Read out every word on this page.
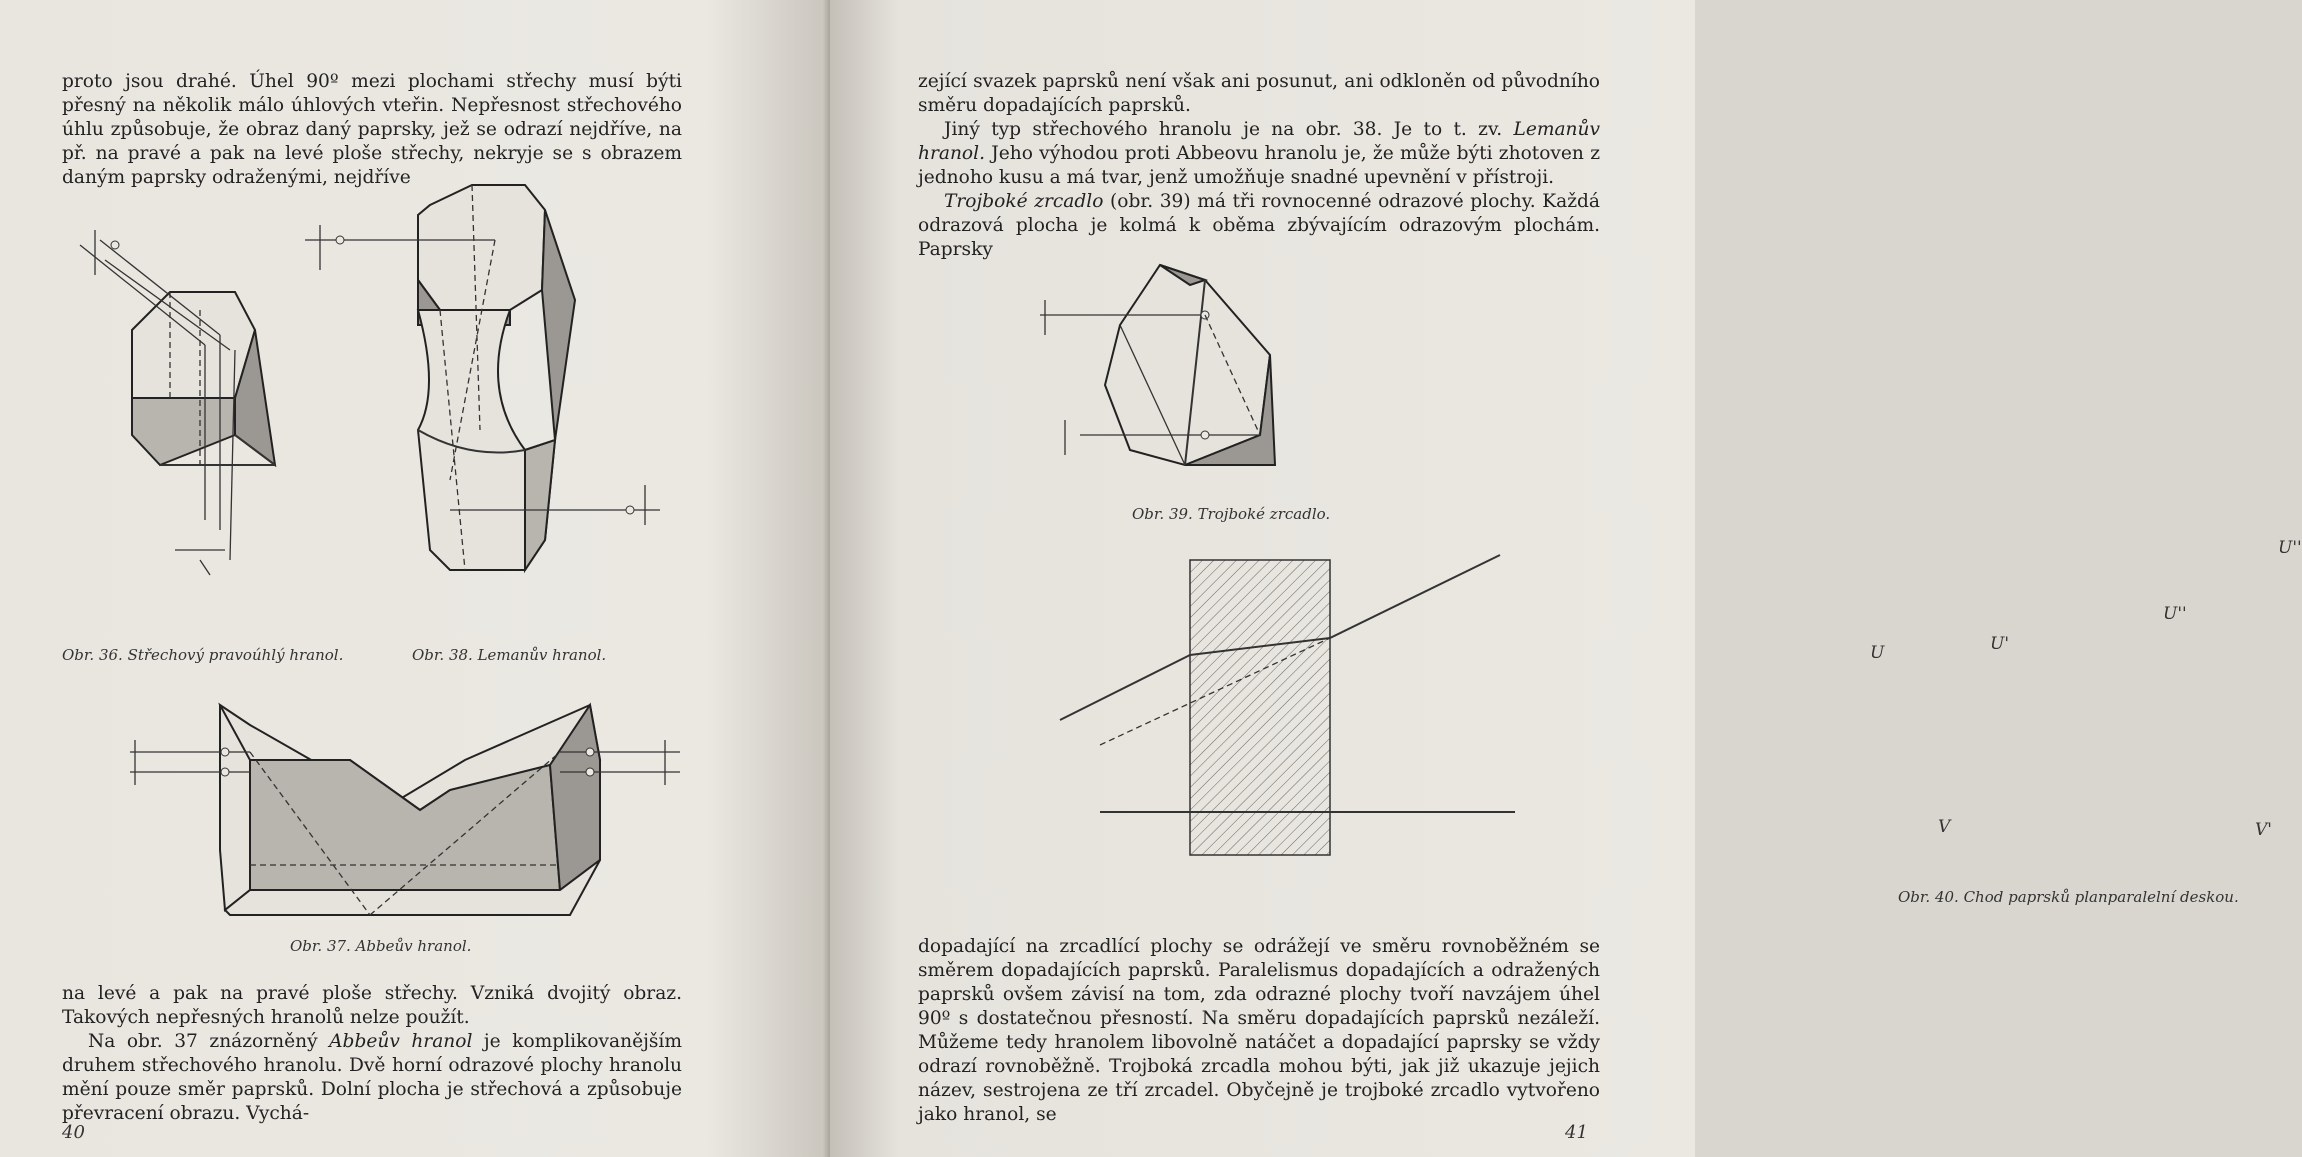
proto jsou drahé. Úhel 90º mezi plochami střechy musí býti přesný na několik málo úhlových vteřin. Nepřesnost střechového úhlu způsobuje, že obraz daný paprsky, jež se odrazí nejdříve, na př. na pravé a pak na levé ploše střechy, nekryje se s obrazem daným paprsky odraženými, nejdříve

Obr. 36. Střechový pravoúhlý hranol.	Obr. 38. Lemanův hranol.
Obr. 37. Abbeův hranol.

na levé a pak na pravé ploše střechy. Vzniká dvojitý obraz. Takových nepřesných hranolů nelze použít.

Na obr. 37 znázorněný Abbeův hranol je komplikovanějším druhem střechového hranolu. Dvě horní odrazové plochy hranolu mění pouze směr paprsků. Dolní plocha je střechová a způsobuje převracení obrazu. Vychá-

40

zející svazek paprsků není však ani posunut, ani odkloněn od původního směru dopadajících paprsků.

Jiný typ střechového hranolu je na obr. 38. Je to t. zv. Lemanův hranol. Jeho výhodou proti Abbeovu hranolu je, že může býti zhotoven z jednoho kusu a má tvar, jenž umožňuje snadné upevnění v přístroji.

Trojboké zrcadlo (obr. 39) má tři rovnocenné odrazové plochy. Každá odrazová plocha je kolmá k oběma zbývajícím odrazovým plochám. Paprsky

Obr. 39. Trojboké zrcadlo.
U	U'
U''
U''
V	V'
Obr. 40. Chod paprsků planparalelní deskou.
dopadající na zrcadlící plochy se odrážejí ve směru rovnoběžném se směrem dopadajících paprsků. Paralelismus dopadajících a odražených paprsků ovšem závisí na tom, zda odrazné plochy tvoří navzájem úhel 90º s dostatečnou přesností. Na směru dopadajících paprsků nezáleží. Můžeme tedy hranolem libovolně natáčet a dopadající paprsky se vždy odrazí rovnoběžně. Trojboká zrcadla mohou býti, jak již ukazuje jejich název, sestrojena ze tří zrcadel. Obyčejně je trojboké zrcadlo vytvořeno jako hranol, se
41
